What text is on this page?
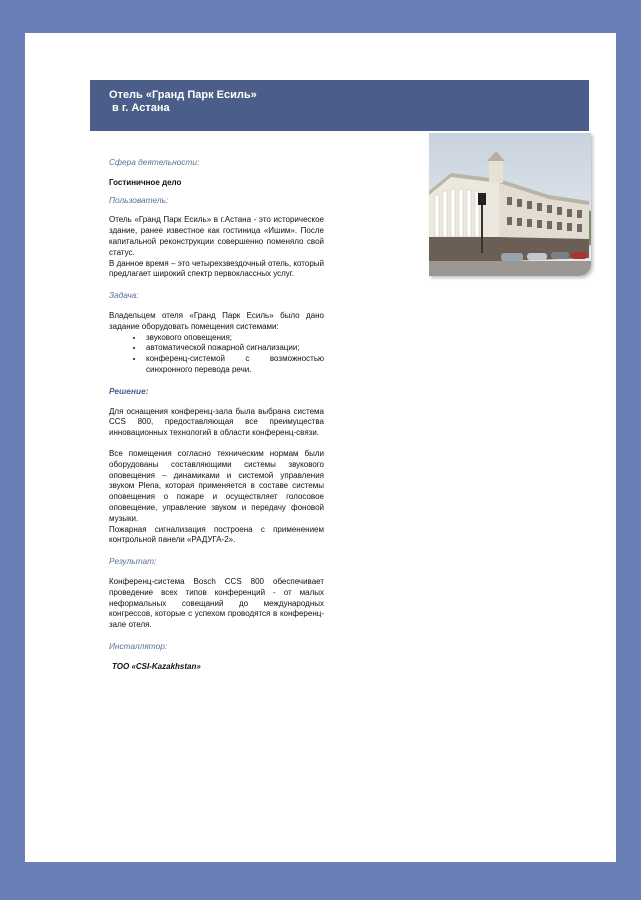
Отель «Гранд Парк Есиль»

в г. Астана

Сфера деятельности:

Гостиничное дело

Пользователь:

Отель «Гранд Парк Есиль» в г.Астана - это историческое здание, ранее известное как гостиница «Ишим». После капитальной реконструкции совершенно поменяло свой статус.

В данное время – это четырехзвездочный отель, который предлагает широкий спектр первоклассных услуг.

Задача:

Владельцем отеля «Гранд Парк Есиль» было дано задание оборудовать помещения системами:

• звукового оповещения;
• автоматической пожарной сигнализации;
• конференц-системой с возможностью синхронного перевода речи.

Решение:

Для оснащения конференц-зала была выбрана система CCS 800, предоставляющая все преимущества инновационных технологий в области конференц-связи.

Все помещения согласно техническим нормам были оборудованы составляющими системы звукового оповещения – динамиками и системой управления звуком Plena, которая применяется в составе системы оповещения о пожаре и осуществляет голосовое оповещение, управление звуком и передачу фоновой музыки.

Пожарная сигнализация построена с применением контрольной панели «РАДУГА-2».

Результат:

Конференц-система Bosch CCS 800 обеспечивает проведение всех типов конференций - от малых неформальных совещаний до международных конгрессов, которые с успехом проводятся в конференц-зале отеля.

Инсталлятор:

ТОО «CSI-Kazakhstan»
